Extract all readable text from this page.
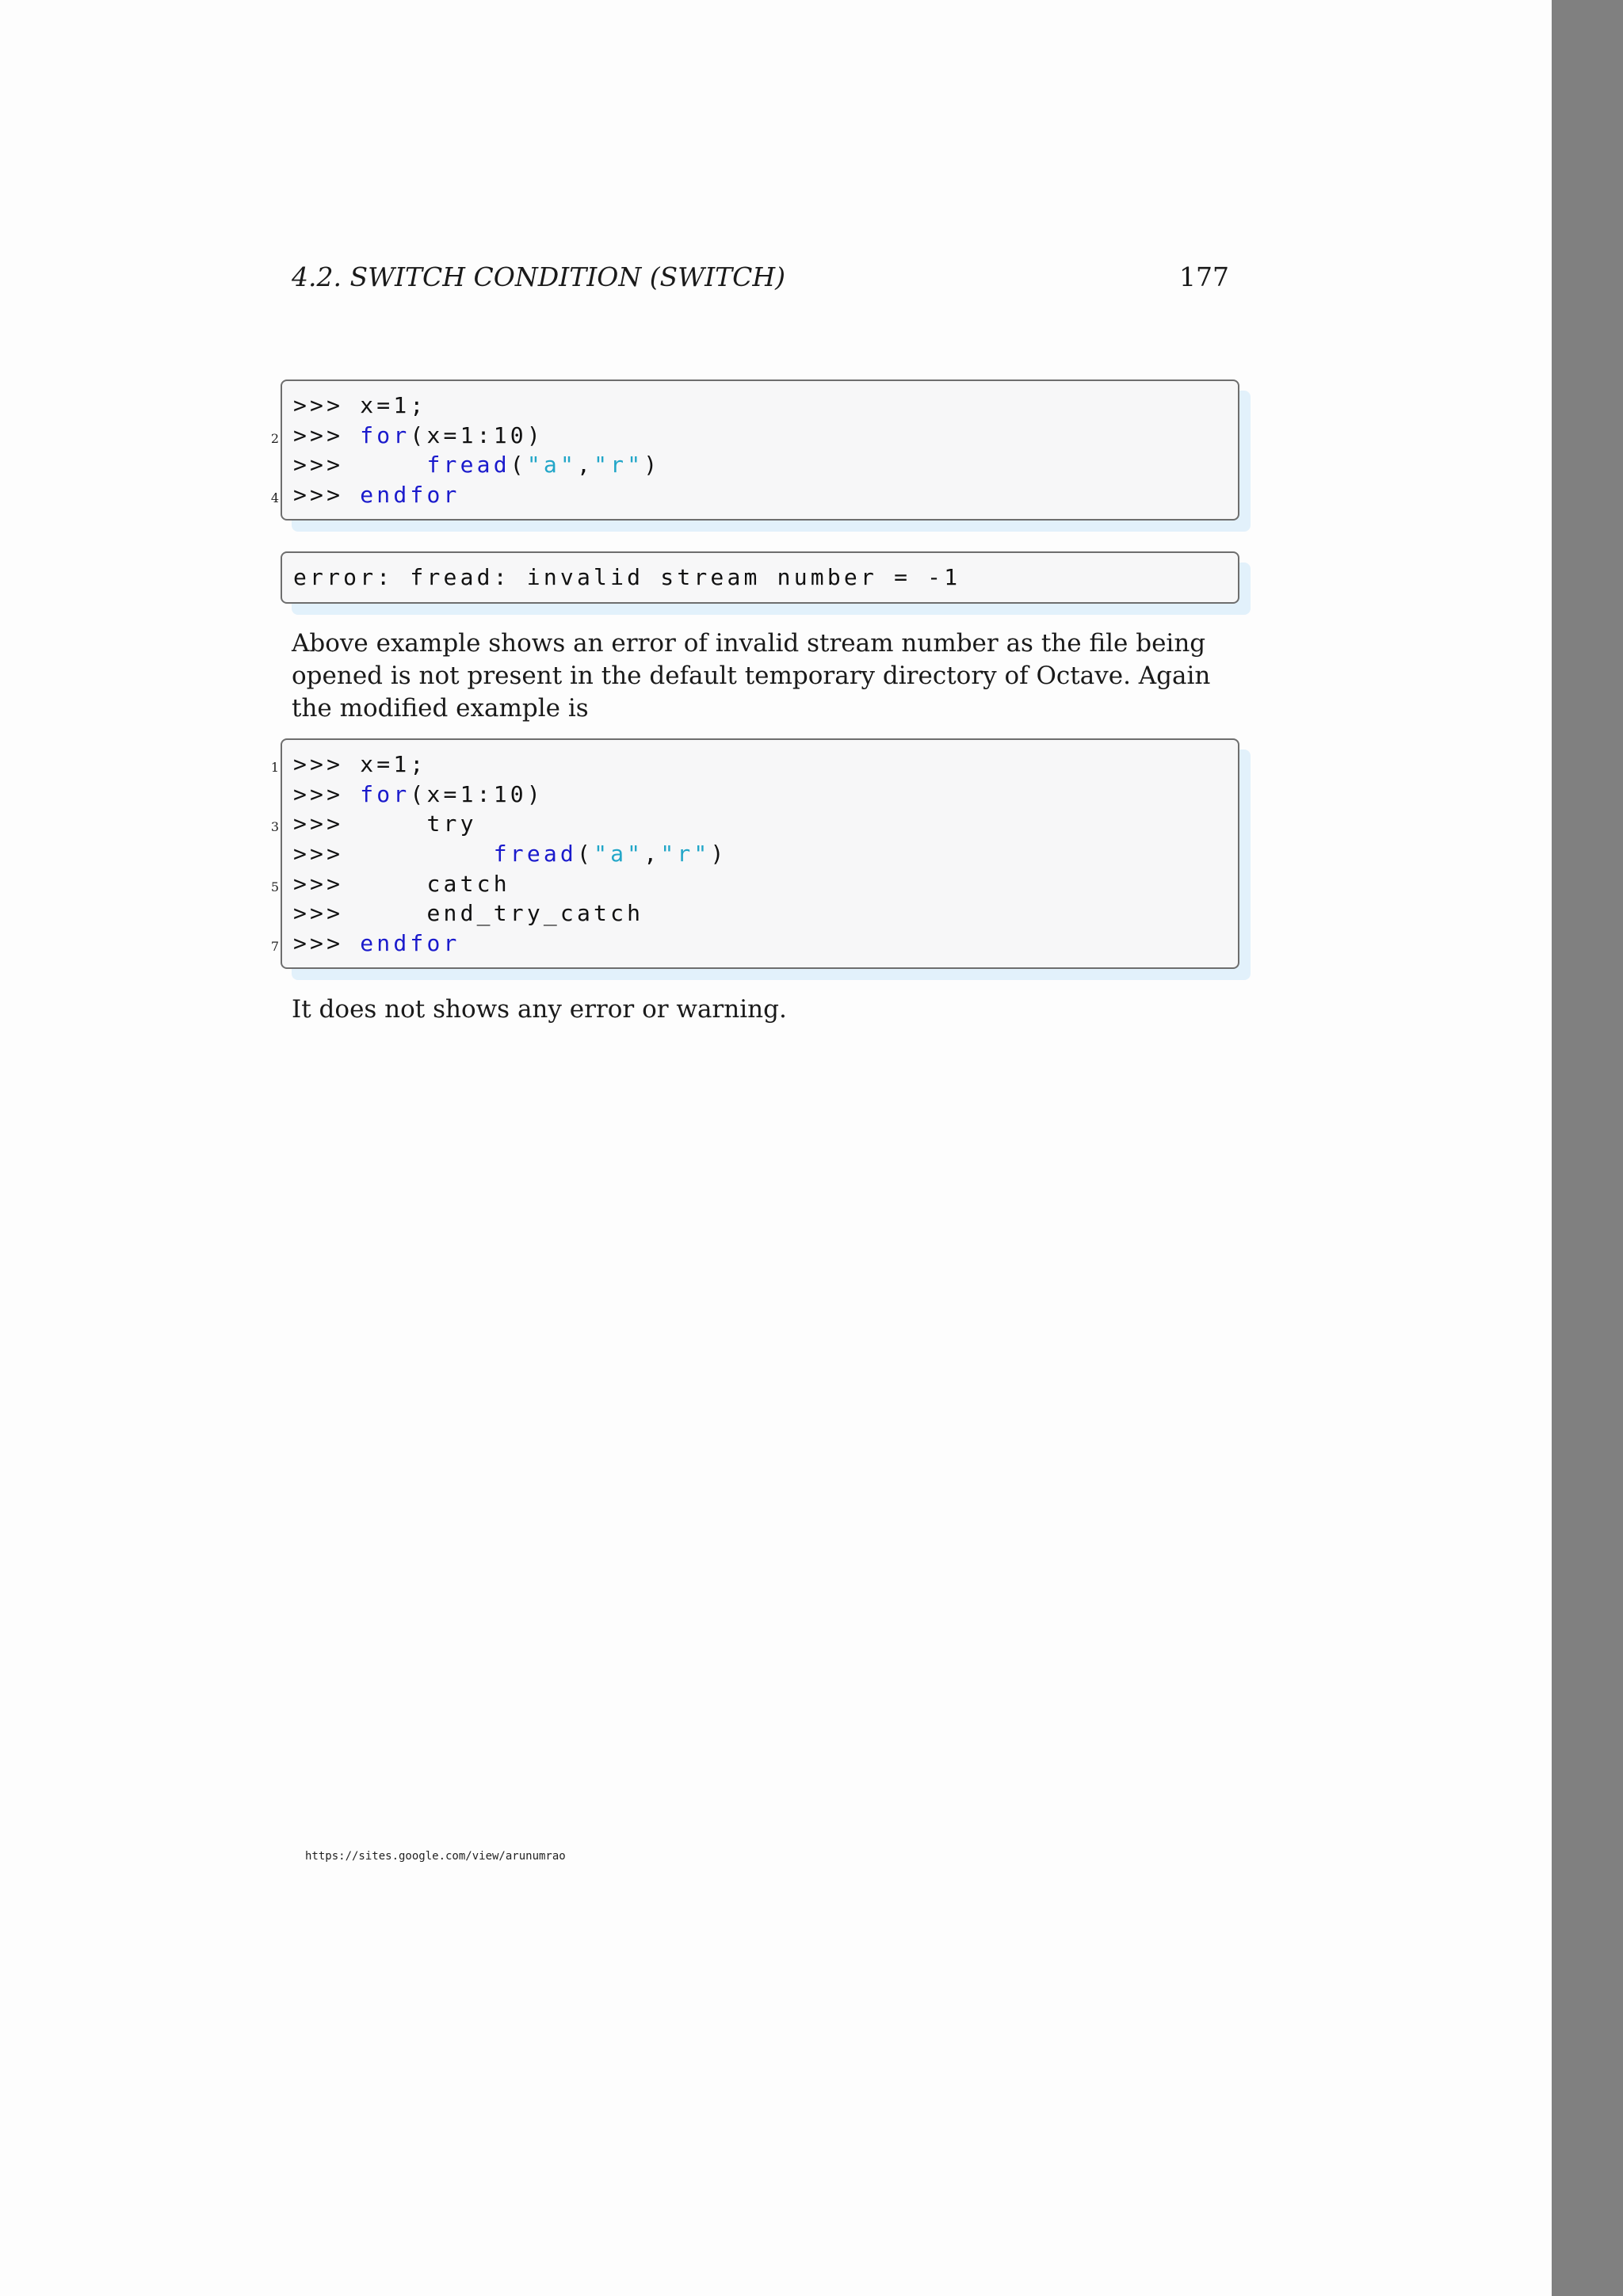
4.2. SWITCH CONDITION (SWITCH)	177
>>> x=1;
2 >>> for(x=1:10)
>>>     fread("a","r")
4 >>> endfor
error: fread: invalid stream number = -1
Above example shows an error of invalid stream number as the file being opened is not present in the default temporary directory of Octave. Again the modified example is
1 >>> x=1;
>>> for(x=1:10)
3 >>>     try
>>>         fread("a","r")
5 >>>     catch
>>>     end_try_catch
7 >>> endfor
It does not shows any error or warning.
https://sites.google.com/view/arunumrao
